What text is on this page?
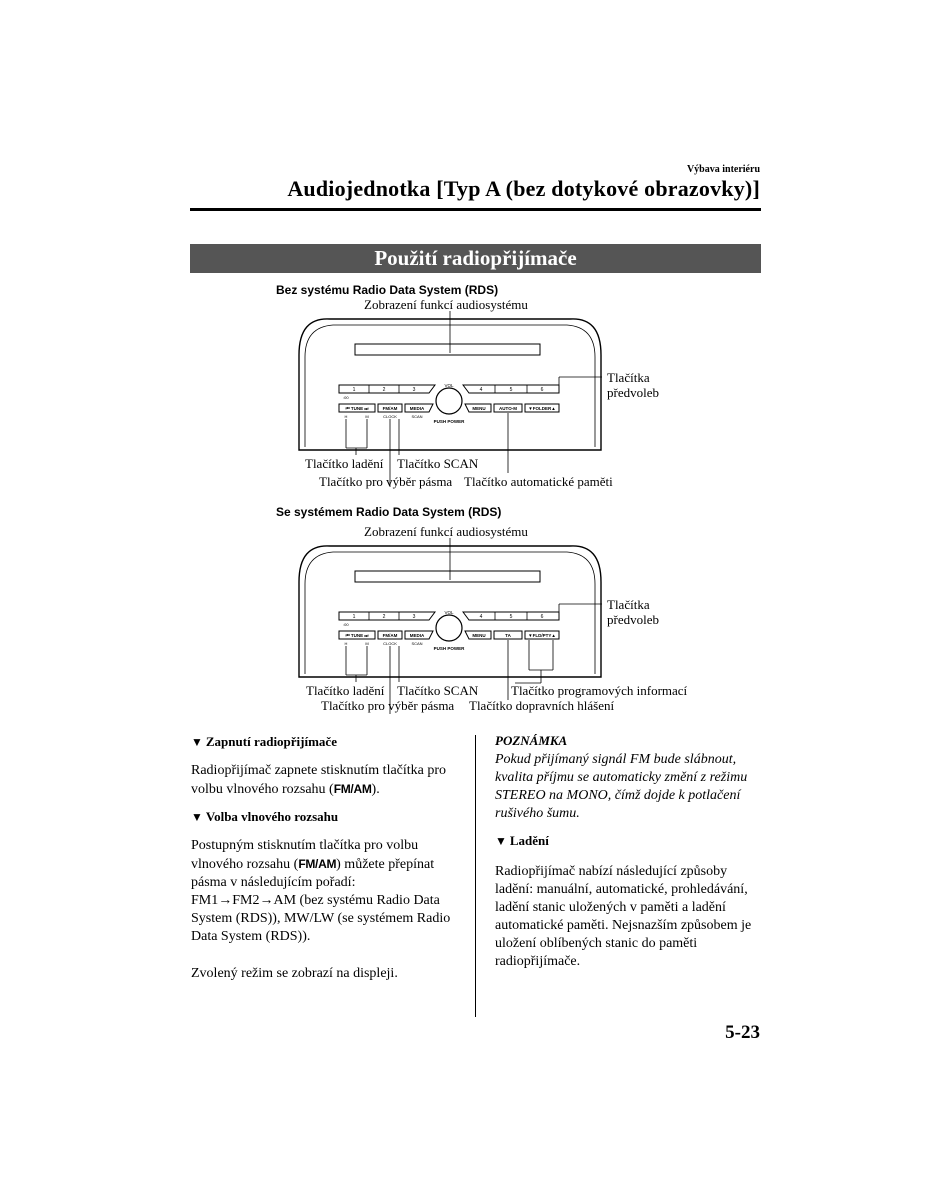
Výbava interiéru
Audiojednotka [Typ A (bez dotykové obrazovky)]
Použití radiopřijímače
Bez systému Radio Data System (RDS)
Zobrazení funkcí audiosystému
1	2	3	4	5	6
:00
VOL
PUSH POWER
⏮ TUNE ⏭
H	M
FM/AM
CLOCK
MEDIA
SCAN
MENU	AUTO-M	▼FOLDER▲
Tlačítka
předvoleb
Tlačítko ladění Tlačítko SCAN
Tlačítko pro výběr pásma Tlačítko automatické paměti
Se systémem Radio Data System (RDS)
Zobrazení funkcí audiosystému
1	2	3	4	5	6
:00
VOL
PUSH POWER
⏮ TUNE ⏭
H	M
FM/AM
CLOCK
MEDIA
SCAN
MENU	TA	▼FLD/PTY▲
Tlačítka
předvoleb
Tlačítko ladění Tlačítko SCAN	Tlačítko programových informací
Tlačítko pro výběr pásma Tlačítko dopravních hlášení
▼ Zapnutí radiopřijímače
Radiopřijímač zapnete stisknutím tlačítka pro volbu vlnového rozsahu (FM/AM).
▼ Volba vlnového rozsahu
Postupným stisknutím tlačítka pro volbu vlnového rozsahu (FM/AM) můžete přepínat pásma v následujícím pořadí: FM1→FM2→AM (bez systému Radio Data System (RDS)), MW/LW (se systémem Radio Data System (RDS)).
Zvolený režim se zobrazí na displeji.
POZNÁMKA
Pokud přijímaný signál FM bude slábnout, kvalita příjmu se automaticky změní z režimu STEREO na MONO, čímž dojde k potlačení rušivého šumu.
▼ Ladění
Radiopřijímač nabízí následující způsoby ladění: manuální, automatické, prohledávání, ladění stanic uložených v paměti a ladění automatické paměti. Nejsnazším způsobem je uložení oblíbených stanic do paměti radiopřijímače.
5-23
